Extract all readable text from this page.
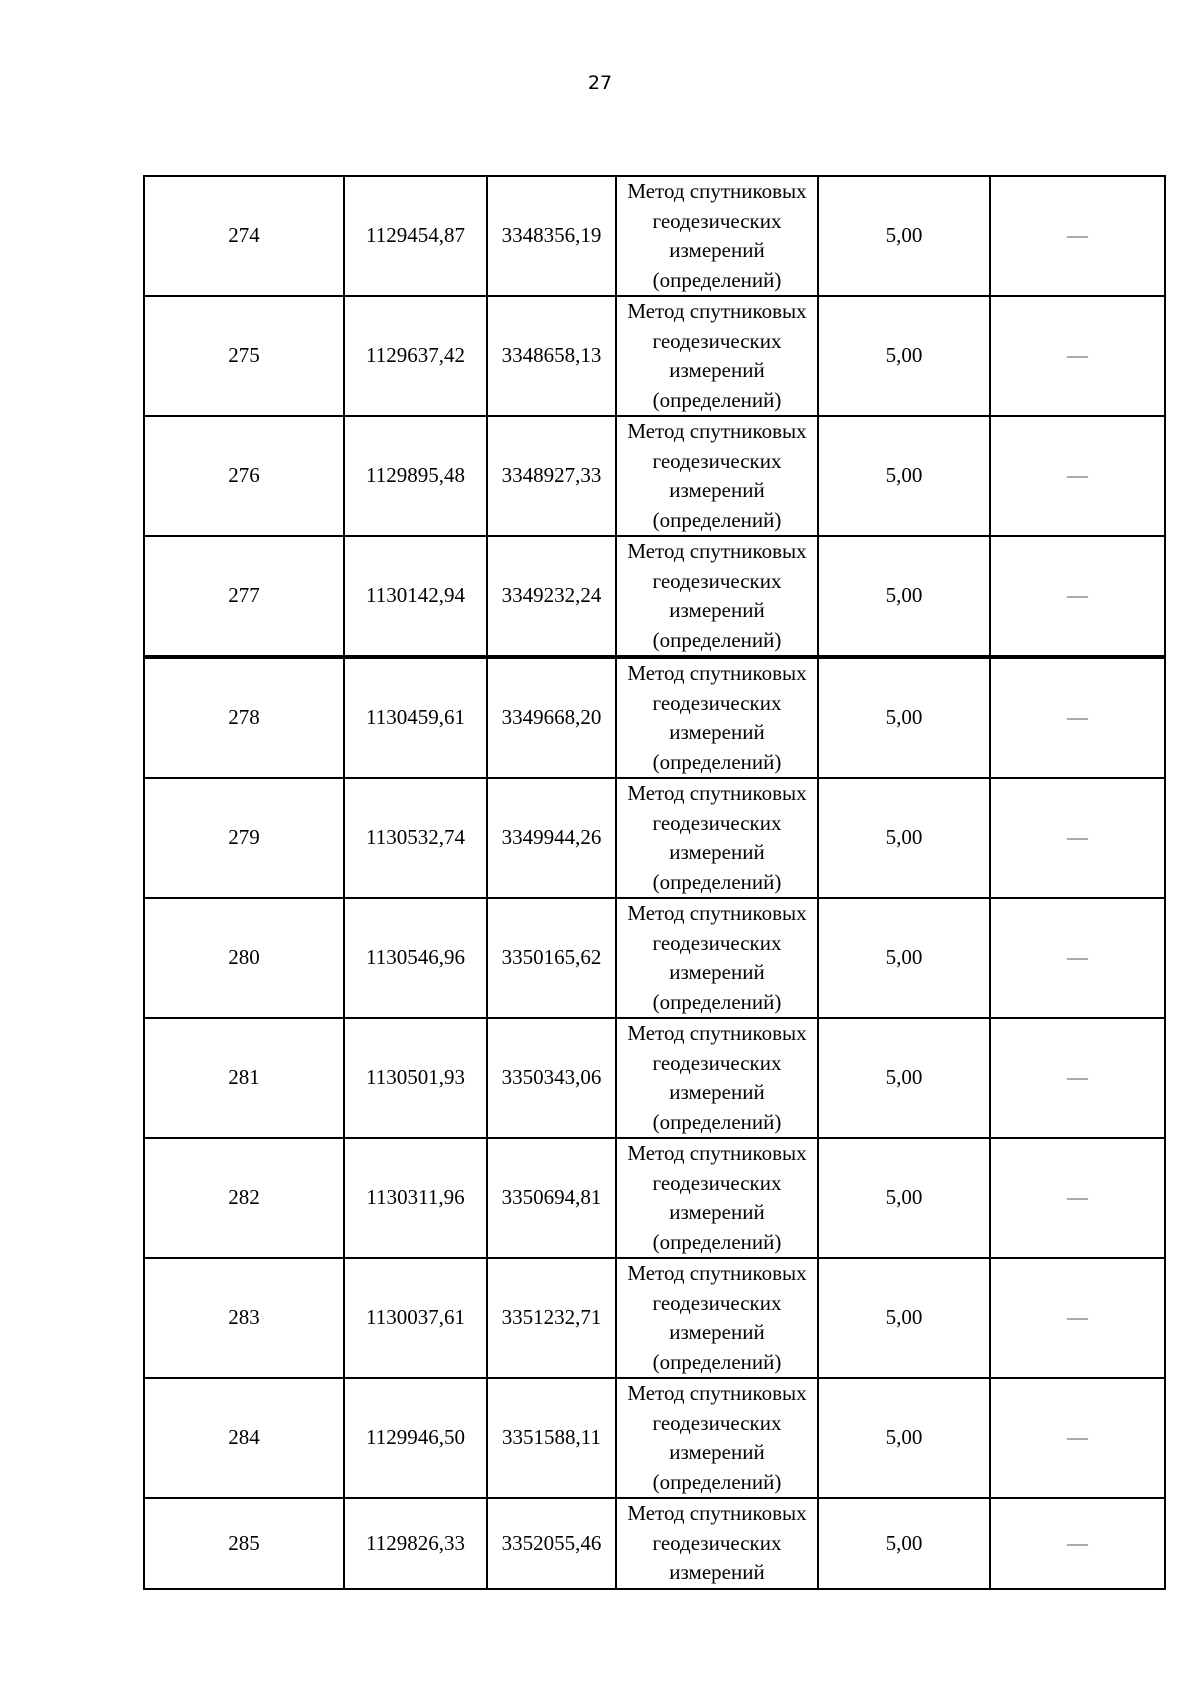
27
274	1129454,87	3348356,19	Метод спутниковых
геодезических
измерений
(определений)	5,00	—
275	1129637,42	3348658,13	Метод спутниковых
геодезических
измерений
(определений)	5,00	—
276	1129895,48	3348927,33	Метод спутниковых
геодезических
измерений
(определений)	5,00	—
277	1130142,94	3349232,24	Метод спутниковых
геодезических
измерений
(определений)	5,00	—
278	1130459,61	3349668,20	Метод спутниковых
геодезических
измерений
(определений)	5,00	—
279	1130532,74	3349944,26	Метод спутниковых
геодезических
измерений
(определений)	5,00	—
280	1130546,96	3350165,62	Метод спутниковых
геодезических
измерений
(определений)	5,00	—
281	1130501,93	3350343,06	Метод спутниковых
геодезических
измерений
(определений)	5,00	—
282	1130311,96	3350694,81	Метод спутниковых
геодезических
измерений
(определений)	5,00	—
283	1130037,61	3351232,71	Метод спутниковых
геодезических
измерений
(определений)	5,00	—
284	1129946,50	3351588,11	Метод спутниковых
геодезических
измерений
(определений)	5,00	—
285	1129826,33	3352055,46	Метод спутниковых
геодезических
измерений	5,00	—
